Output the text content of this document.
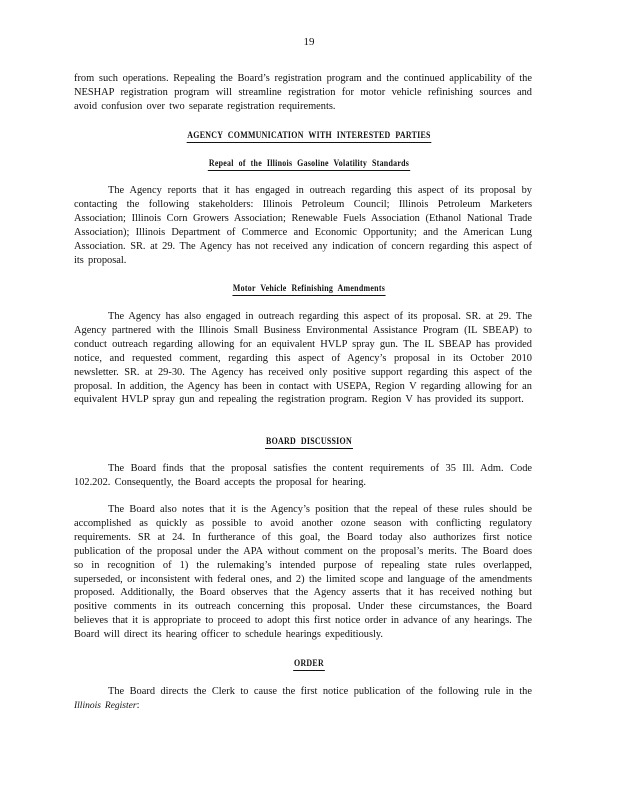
19

from such operations. Repealing the Board’s registration program and the continued applicability of the NESHAP registration program will streamline registration for motor vehicle refinishing sources and avoid confusion over two separate registration requirements.

AGENCY COMMUNICATION WITH INTERESTED PARTIES
Repeal of the Illinois Gasoline Volatility Standards

The Agency reports that it has engaged in outreach regarding this aspect of its proposal by contacting the following stakeholders: Illinois Petroleum Council; Illinois Petroleum Marketers Association; Illinois Corn Growers Association; Renewable Fuels Association (Ethanol National Trade Association); Illinois Department of Commerce and Economic Opportunity; and the American Lung Association. SR. at 29. The Agency has not received any indication of concern regarding this aspect of its proposal.

Motor Vehicle Refinishing Amendments

The Agency has also engaged in outreach regarding this aspect of its proposal. SR. at 29. The Agency partnered with the Illinois Small Business Environmental Assistance Program (IL SBEAP) to conduct outreach regarding allowing for an equivalent HVLP spray gun. The IL SBEAP has provided notice, and requested comment, regarding this aspect of Agency’s proposal in its October 2010 newsletter. SR. at 29-30. The Agency has received only positive support regarding this aspect of the proposal. In addition, the Agency has been in contact with USEPA, Region V regarding allowing for an equivalent HVLP spray gun and repealing the registration program. Region V has provided its support.

BOARD DISCUSSION

The Board finds that the proposal satisfies the content requirements of 35 Ill. Adm. Code 102.202. Consequently, the Board accepts the proposal for hearing.

The Board also notes that it is the Agency’s position that the repeal of these rules should be accomplished as quickly as possible to avoid another ozone season with conflicting regulatory requirements. SR at 24. In furtherance of this goal, the Board today also authorizes first notice publication of the proposal under the APA without comment on the proposal’s merits. The Board does so in recognition of 1) the rulemaking’s intended purpose of repealing state rules overlapped, superseded, or inconsistent with federal ones, and 2) the limited scope and language of the amendments proposed. Additionally, the Board observes that the Agency asserts that it has received nothing but positive comments in its outreach concerning this proposal. Under these circumstances, the Board believes that it is appropriate to proceed to adopt this first notice order in advance of any hearings. The Board will direct its hearing officer to schedule hearings expeditiously.

ORDER

The Board directs the Clerk to cause the first notice publication of the following rule in the Illinois Register:
